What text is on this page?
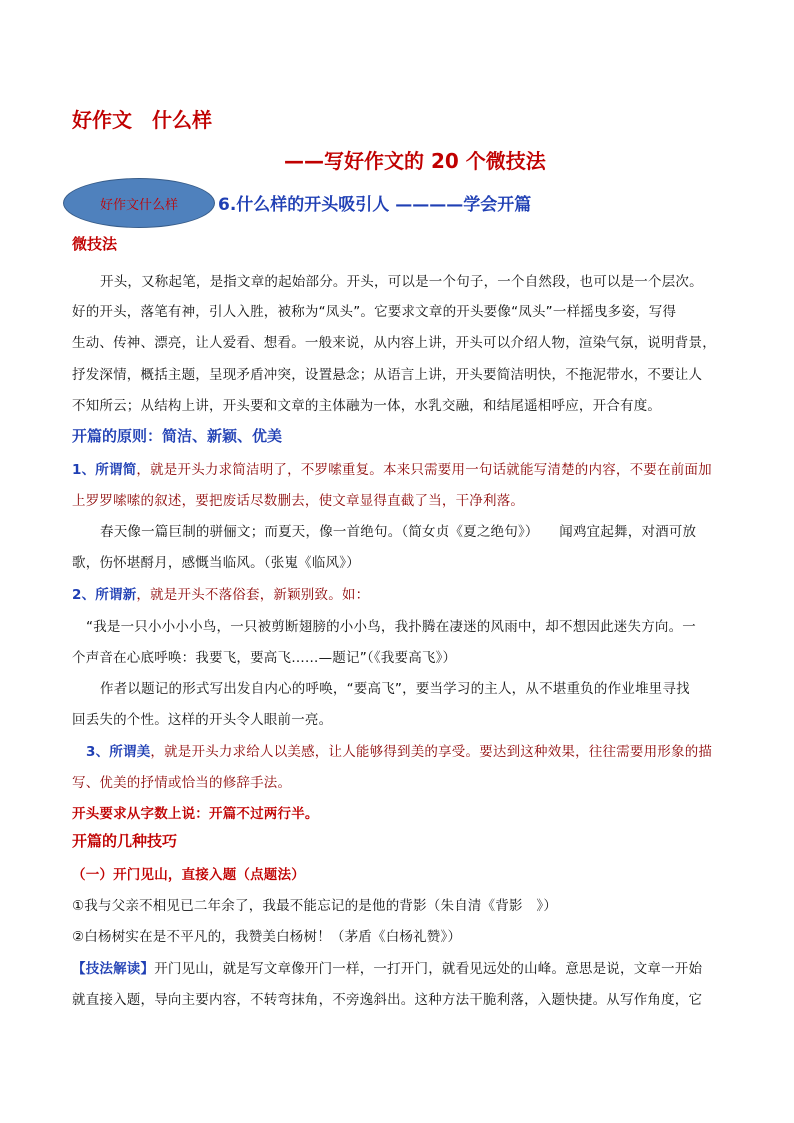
好作文　什么样
——写好作文的 20 个微技法
好作文什么样	6.什么样的开头吸引人 ————学会开篇
微技法
开头，又称起笔，是指文章的起始部分。开头，可以是一个句子，一个自然段，也可以是一个层次。
好的开头，落笔有神，引人入胜，被称为“凤头”。它要求文章的开头要像“凤头”一样摇曳多姿，写得
生动、传神、漂亮，让人爱看、想看。一般来说，从内容上讲，开头可以介绍人物，渲染气氛，说明背景，
抒发深情，概括主题，呈现矛盾冲突，设置悬念；从语言上讲，开头要简洁明快，不拖泥带水，不要让人
不知所云；从结构上讲，开头要和文章的主体融为一体，水乳交融，和结尾遥相呼应，开合有度。
开篇的原则：简洁、新颖、优美
1、所谓简，就是开头力求简洁明了，不罗嗦重复。本来只需要用一句话就能写清楚的内容，不要在前面加
上罗罗嗦嗦的叙述，要把废话尽数删去，使文章显得直截了当，干净利落。
春天像一篇巨制的骈俪文；而夏天，像一首绝句。（简女贞《夏之绝句》）　　闻鸡宜起舞，对酒可放
歌，伤怀堪酹月，感慨当临风。（张嵬《临风》）
2、所谓新，就是开头不落俗套，新颖别致。如：
“我是一只小小小小鸟，一只被剪断翅膀的小小鸟，我扑腾在凄迷的风雨中，却不想因此迷失方向。一
个声音在心底呼唤：我要飞，要高飞……—题记”（《我要高飞》）
作者以题记的形式写出发自内心的呼唤，“要高飞”，要当学习的主人，从不堪重负的作业堆里寻找
回丢失的个性。这样的开头令人眼前一亮。
3、所谓美，就是开头力求给人以美感，让人能够得到美的享受。要达到这种效果，往往需要用形象的描
写、优美的抒情或恰当的修辞手法。
开头要求从字数上说：开篇不过两行半。
开篇的几种技巧
（一）开门见山，直接入题（点题法）
①我与父亲不相见已二年余了，我最不能忘记的是他的背影（朱自清《背影　》）
②白杨树实在是不平凡的，我赞美白杨树！（茅盾《白杨礼赞》）
【技法解读】开门见山，就是写文章像开门一样，一打开门，就看见远处的山峰。意思是说，文章一开始
就直接入题，导向主要内容，不转弯抹角，不旁逸斜出。这种方法干脆利落，入题快捷。从写作角度，它
